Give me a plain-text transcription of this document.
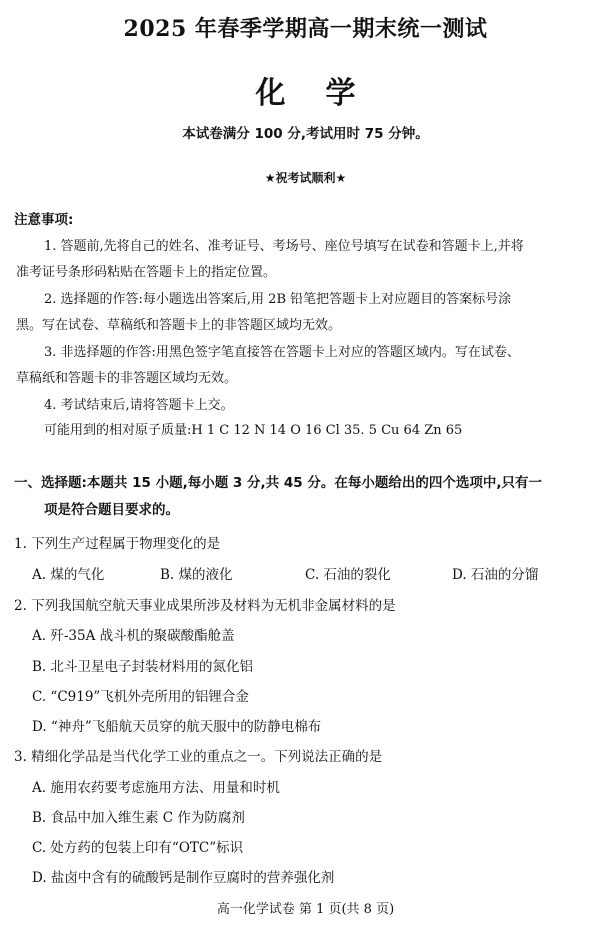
2025 年春季学期高一期末统一测试
化学
本试卷满分 100 分,考试用时 75 分钟。
★祝考试顺利★
注意事项:
1. 答题前,先将自己的姓名、准考证号、考场号、座位号填写在试卷和答题卡上,并将
准考证号条形码粘贴在答题卡上的指定位置。
2. 选择题的作答:每小题选出答案后,用 2B 铅笔把答题卡上对应题目的答案标号涂
黑。写在试卷、草稿纸和答题卡上的非答题区域均无效。
3. 非选择题的作答:用黑色签字笔直接答在答题卡上对应的答题区域内。写在试卷、
草稿纸和答题卡的非答题区域均无效。
4. 考试结束后,请将答题卡上交。
可能用到的相对原子质量:H 1 C 12 N 14 O 16 Cl 35. 5 Cu 64 Zn 65
一、选择题:本题共 15 小题,每小题 3 分,共 45 分。在每小题给出的四个选项中,只有一
项是符合题目要求的。
1. 下列生产过程属于物理变化的是
A. 煤的气化	B. 煤的液化	C. 石油的裂化	D. 石油的分馏
2. 下列我国航空航天事业成果所涉及材料为无机非金属材料的是
A. 歼-35A 战斗机的聚碳酸酯舱盖
B. 北斗卫星电子封装材料用的氮化铝
C. “C919”飞机外壳所用的铝锂合金
D. “神舟”飞船航天员穿的航天服中的防静电棉布
3. 精细化学品是当代化学工业的重点之一。下列说法正确的是
A. 施用农药要考虑施用方法、用量和时机
B. 食品中加入维生素 C 作为防腐剂
C. 处方药的包装上印有“OTC”标识
D. 盐卤中含有的硫酸钙是制作豆腐时的营养强化剂
高一化学试卷 第 1 页(共 8 页)
